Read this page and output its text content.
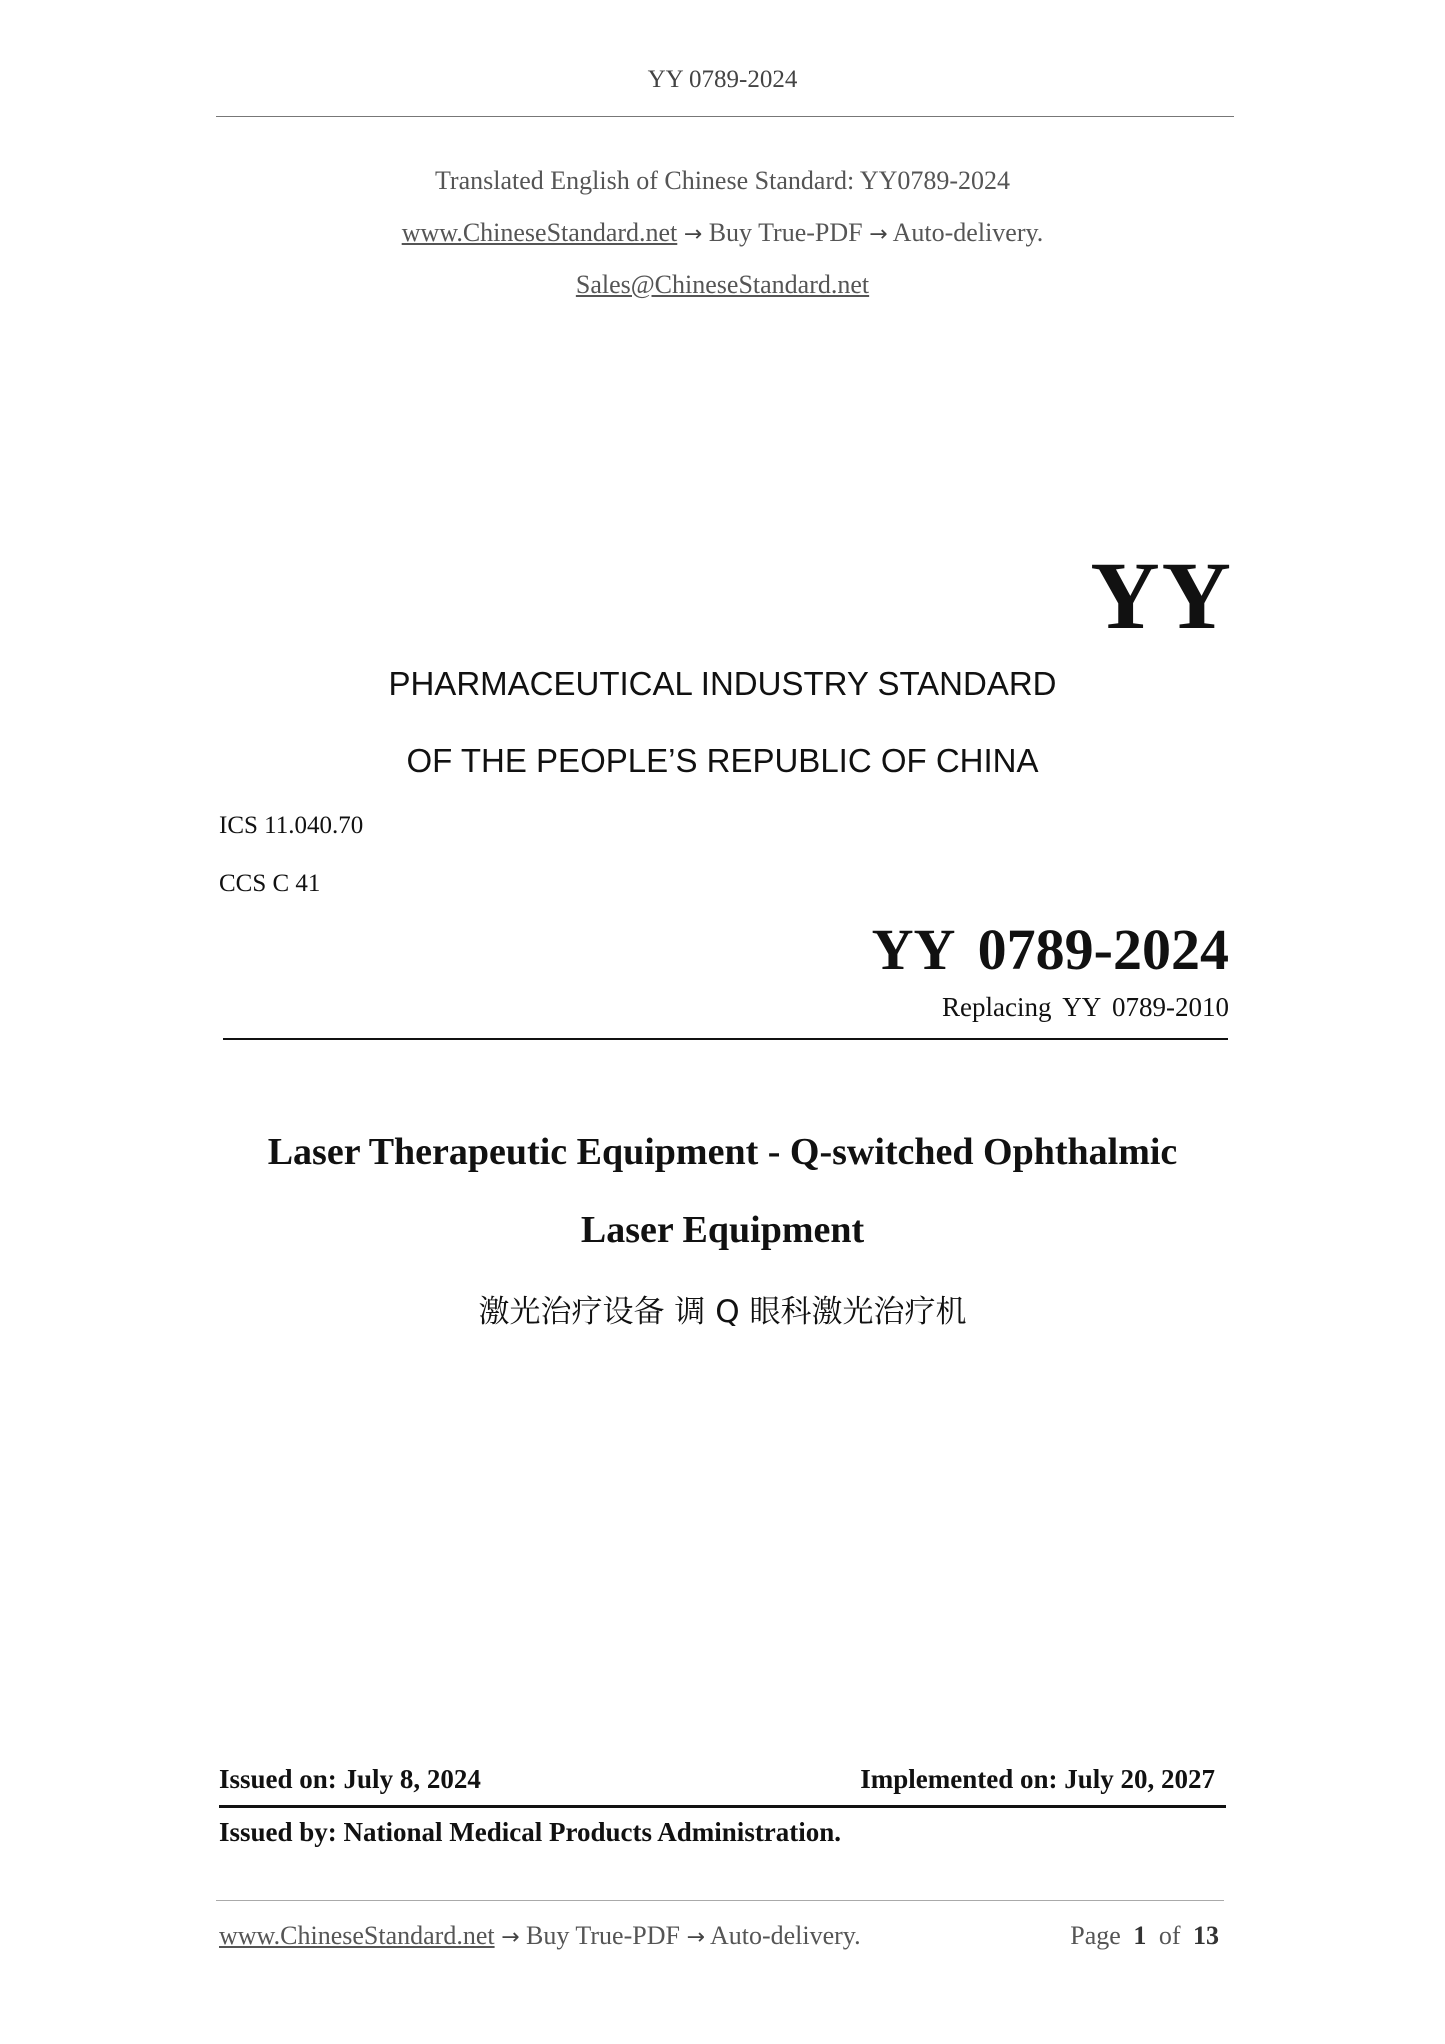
YY 0789-2024
Translated English of Chinese Standard: YY0789-2024
www.ChineseStandard.net → Buy True-PDF → Auto-delivery.
Sales@ChineseStandard.net
YY
PHARMACEUTICAL INDUSTRY STANDARD
OF THE PEOPLE’S REPUBLIC OF CHINA
ICS 11.040.70
CCS C 41
YY 0789-2024
Replacing YY 0789-2010
Laser Therapeutic Equipment - Q-switched Ophthalmic
Laser Equipment
激光治疗设备 调 Q 眼科激光治疗机
Issued on: July 8, 2024	Implemented on: July 20, 2027
Issued by: National Medical Products Administration.
www.ChineseStandard.net → Buy True-PDF → Auto-delivery.	Page 1 of 13
